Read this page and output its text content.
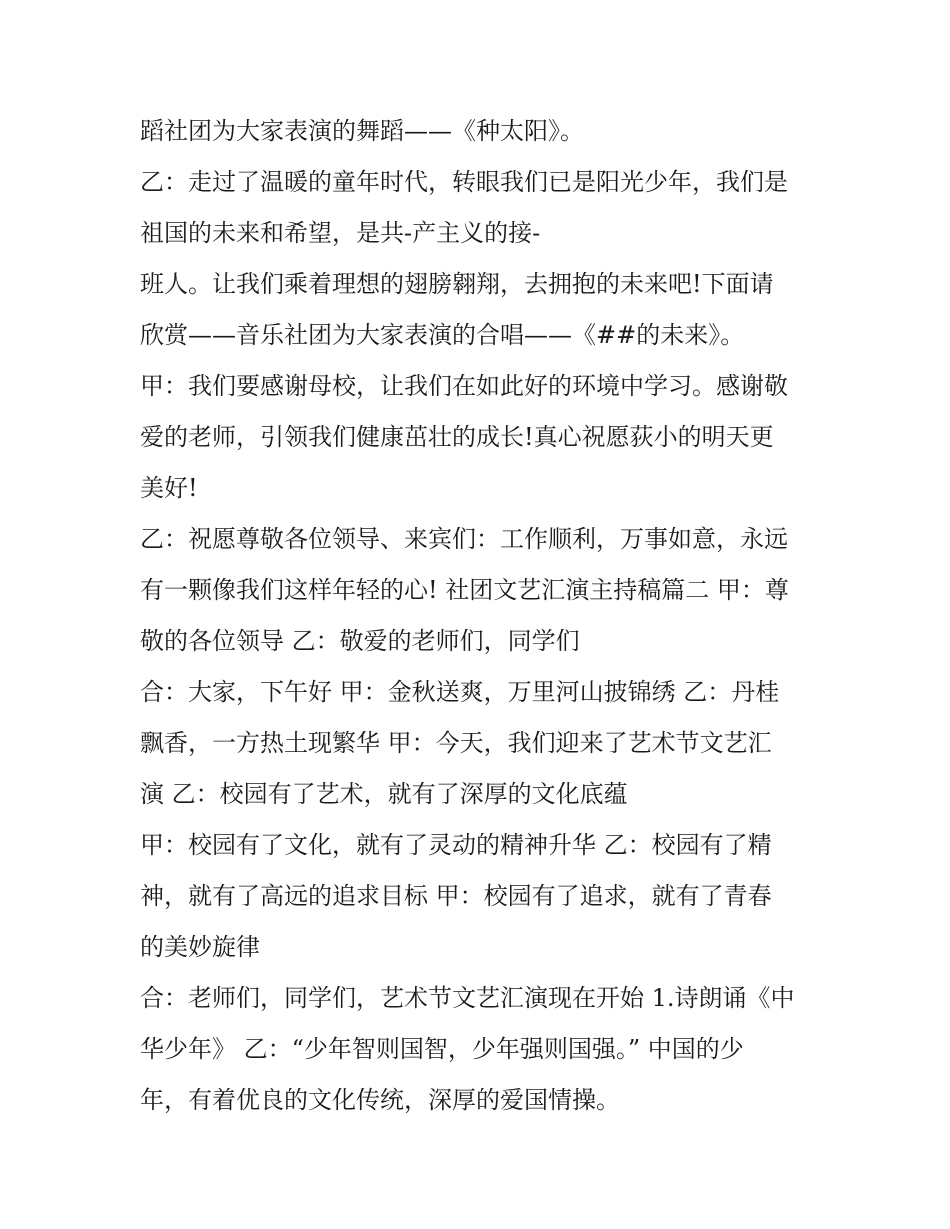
蹈社团为大家表演的舞蹈——《种太阳》。
乙：走过了温暖的童年时代，转眼我们已是阳光少年，我们是
祖国的未来和希望，是共-产主义的接-
班人。让我们乘着理想的翅膀翱翔，去拥抱的未来吧!下面请
欣赏——音乐社团为大家表演的合唱——《##的未来》。
甲：我们要感谢母校，让我们在如此好的环境中学习。感谢敬
爱的老师，引领我们健康茁壮的成长!真心祝愿荻小的明天更
美好!
乙：祝愿尊敬各位领导、来宾们：工作顺利，万事如意，永远
有一颗像我们这样年轻的心! 社团文艺汇演主持稿篇二 甲：尊
敬的各位领导 乙：敬爱的老师们，同学们
合：大家，下午好 甲：金秋送爽，万里河山披锦绣 乙：丹桂
飘香，一方热土现繁华 甲：今天，我们迎来了艺术节文艺汇
演 乙：校园有了艺术，就有了深厚的文化底蕴
甲：校园有了文化，就有了灵动的精神升华 乙：校园有了精
神，就有了高远的追求目标 甲：校园有了追求，就有了青春
的美妙旋律
合：老师们，同学们，艺术节文艺汇演现在开始 1.诗朗诵《中
华少年》 乙：“少年智则国智，少年强则国强。” 中国的少
年，有着优良的文化传统，深厚的爱国情操。
